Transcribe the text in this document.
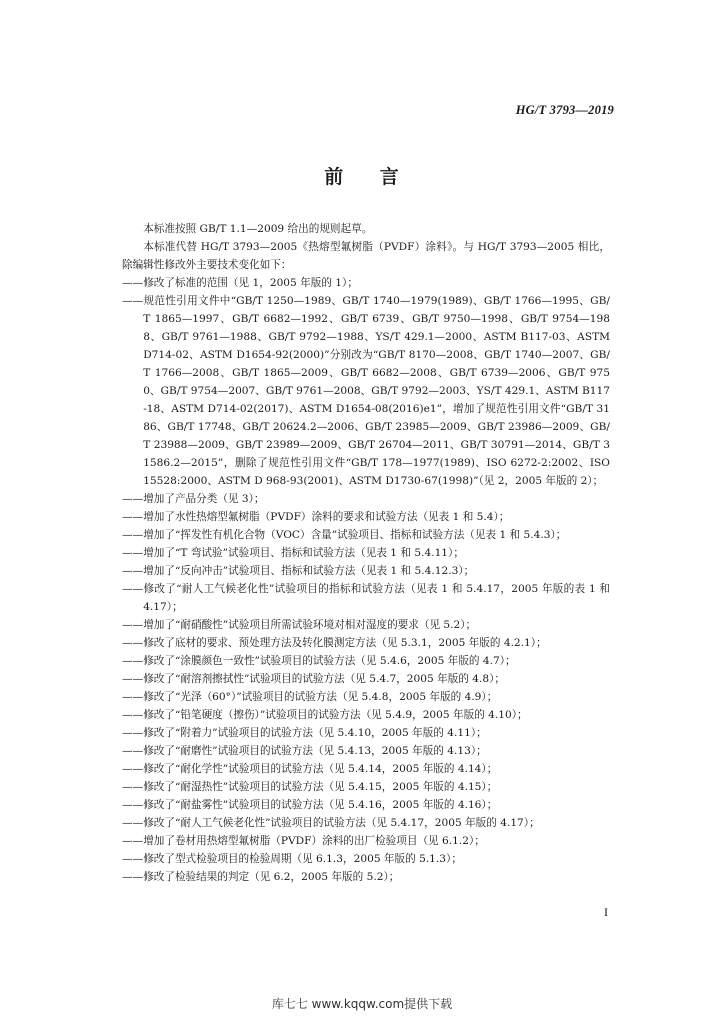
HG/T 3793—2019
前 言

本标准按照 GB/T 1.1—2009 给出的规则起草。

本标准代替 HG/T 3793—2005《热熔型氟树脂（PVDF）涂料》。与 HG/T 3793—2005 相比，除编辑性修改外主要技术变化如下：

——修改了标准的范围（见 1，2005 年版的 1）；

——规范性引用文件中“GB/T 1250—1989、GB/T 1740—1979(1989)、GB/T 1766—1995、GB/T 1865—1997、GB/T 6682—1992、GB/T 6739、GB/T 9750—1998、GB/T 9754—1988、GB/T 9761—1988、GB/T 9792—1988、YS/T 429.1—2000、ASTM B117-03、ASTM D714-02、ASTM D1654-92(2000)”分别改为“GB/T 8170—2008、GB/T 1740—2007、GB/T 1766—2008、GB/T 1865—2009、GB/T 6682—2008、GB/T 6739—2006、GB/T 9750、GB/T 9754—2007、GB/T 9761—2008、GB/T 9792—2003、YS/T 429.1、ASTM B117-18、ASTM D714-02(2017)、ASTM D1654-08(2016)e1”，增加了规范性引用文件“GB/T 3186、GB/T 17748、GB/T 20624.2—2006、GB/T 23985—2009、GB/T 23986—2009、GB/T 23988—2009、GB/T 23989—2009、GB/T 26704—2011、GB/T 30791—2014、GB/T 31586.2—2015”，删除了规范性引用文件“GB/T 178—1977(1989)、ISO 6272-2:2002、ISO 15528:2000、ASTM D 968-93(2001)、ASTM D1730-67(1998)”（见 2，2005 年版的 2）；

——增加了产品分类（见 3）；

——增加了水性热熔型氟树脂（PVDF）涂料的要求和试验方法（见表 1 和 5.4）；

——增加了“挥发性有机化合物（VOC）含量”试验项目、指标和试验方法（见表 1 和 5.4.3）；

——增加了“T 弯试验”试验项目、指标和试验方法（见表 1 和 5.4.11）；

——增加了“反向冲击”试验项目、指标和试验方法（见表 1 和 5.4.12.3）；

——修改了“耐人工气候老化性”试验项目的指标和试验方法（见表 1 和 5.4.17，2005 年版的表 1 和 4.17）；

——增加了“耐硝酸性”试验项目所需试验环境对相对湿度的要求（见 5.2）；

——修改了底材的要求、预处理方法及转化膜测定方法（见 5.3.1，2005 年版的 4.2.1）；

——修改了“涂膜颜色一致性”试验项目的试验方法（见 5.4.6，2005 年版的 4.7）；

——修改了“耐溶剂擦拭性”试验项目的试验方法（见 5.4.7，2005 年版的 4.8）；

——修改了“光泽（60°）”试验项目的试验方法（见 5.4.8，2005 年版的 4.9）；

——修改了“铅笔硬度（擦伤）”试验项目的试验方法（见 5.4.9，2005 年版的 4.10）；

——修改了“附着力”试验项目的试验方法（见 5.4.10，2005 年版的 4.11）；

——修改了“耐磨性”试验项目的试验方法（见 5.4.13，2005 年版的 4.13）；

——修改了“耐化学性”试验项目的试验方法（见 5.4.14，2005 年版的 4.14）；

——修改了“耐湿热性”试验项目的试验方法（见 5.4.15，2005 年版的 4.15）；

——修改了“耐盐雾性”试验项目的试验方法（见 5.4.16，2005 年版的 4.16）；

——修改了“耐人工气候老化性”试验项目的试验方法（见 5.4.17，2005 年版的 4.17）；

——增加了卷材用热熔型氟树脂（PVDF）涂料的出厂检验项目（见 6.1.2）；

——修改了型式检验项目的检验周期（见 6.1.3，2005 年版的 5.1.3）；

——修改了检验结果的判定（见 6.2，2005 年版的 5.2）；

I
库七七 www.kqqw.com提供下载
